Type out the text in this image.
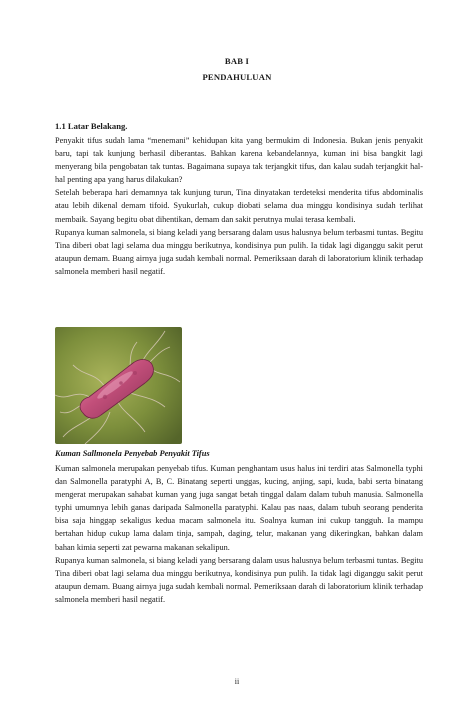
BAB I
PENDAHULUAN
1.1 Latar Belakang.

Penyakit tifus sudah lama “menemani” kehidupan kita yang bermukim di Indonesia. Bukan jenis penyakit baru, tapi tak kunjung berhasil diberantas. Bahkan karena kebandelannya, kuman ini bisa bangkit lagi menyerang bila pengobatan tak tuntas. Bagaimana supaya tak terjangkit tifus, dan kalau sudah terjangkit hal-hal penting apa yang harus dilakukan?

Setelah beberapa hari demamnya tak kunjung turun, Tina dinyatakan terdeteksi menderita tifus abdominalis atau lebih dikenal demam tifoid. Syukurlah, cukup diobati selama dua minggu kondisinya sudah terlihat membaik. Sayang begitu obat dihentikan, demam dan sakit perutnya mulai terasa kembali.

Rupanya kuman salmonela, si biang keladi yang bersarang dalam usus halusnya belum terbasmi tuntas. Begitu Tina diberi obat lagi selama dua minggu berikutnya, kondisinya pun pulih. Ia tidak lagi diganggu sakit perut ataupun demam. Buang airnya juga sudah kembali normal. Pemeriksaan darah di laboratorium klinik terhadap salmonela memberi hasil negatif.

Kuman Sallmonela Penyebab Penyakit Tifus

Kuman salmonela merupakan penyebab tifus. Kuman penghantam usus halus ini terdiri atas Salmonella typhi dan Salmonella paratyphi A, B, C. Binatang seperti unggas, kucing, anjing, sapi, kuda, babi serta binatang mengerat merupakan sahabat kuman yang juga sangat betah tinggal dalam dalam tubuh manusia. Salmonella typhi umumnya lebih ganas daripada Salmonella paratyphi. Kalau pas naas, dalam tubuh seorang penderita bisa saja hinggap sekaligus kedua macam salmonela itu. Soalnya kuman ini cukup tangguh. Ia mampu bertahan hidup cukup lama dalam tinja, sampah, daging, telur, makanan yang dikeringkan, bahkan dalam bahan kimia seperti zat pewarna makanan sekalipun.

Rupanya kuman salmonela, si biang keladi yang bersarang dalam usus halusnya belum terbasmi tuntas. Begitu Tina diberi obat lagi selama dua minggu berikutnya, kondisinya pun pulih. Ia tidak lagi diganggu sakit perut ataupun demam. Buang airnya juga sudah kembali normal. Pemeriksaan darah di laboratorium klinik terhadap salmonela memberi hasil negatif.

ii
